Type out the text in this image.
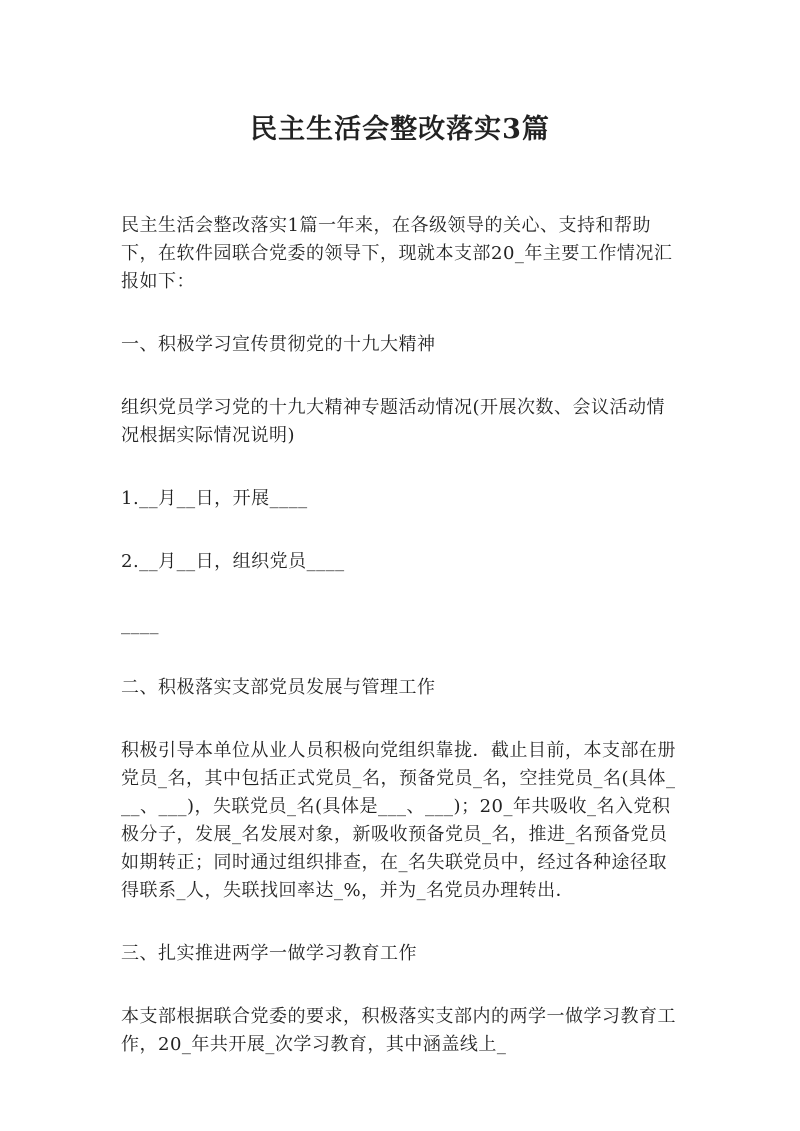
民主生活会整改落实3篇

民主生活会整改落实1篇一年来，在各级领导的关心、支持和帮助下，在软件园联合党委的领导下，现就本支部20_年主要工作情况汇报如下：

一、积极学习宣传贯彻党的十九大精神

组织党员学习党的十九大精神专题活动情况(开展次数、会议活动情况根据实际情况说明)

1.__月__日，开展____

2.__月__日，组织党员____

____

二、积极落实支部党员发展与管理工作

积极引导本单位从业人员积极向党组织靠拢．截止目前，本支部在册党员_名，其中包括正式党员_名，预备党员_名，空挂党员_名(具体___、___)，失联党员_名(具体是___、___)；20_年共吸收_名入党积极分子，发展_名发展对象，新吸收预备党员_名，推进_名预备党员如期转正；同时通过组织排查，在_名失联党员中，经过各种途径取得联系_人，失联找回率达_%，并为_名党员办理转出．

三、扎实推进两学一做学习教育工作

本支部根据联合党委的要求，积极落实支部内的两学一做学习教育工作，20_年共开展_次学习教育，其中涵盖线上_
